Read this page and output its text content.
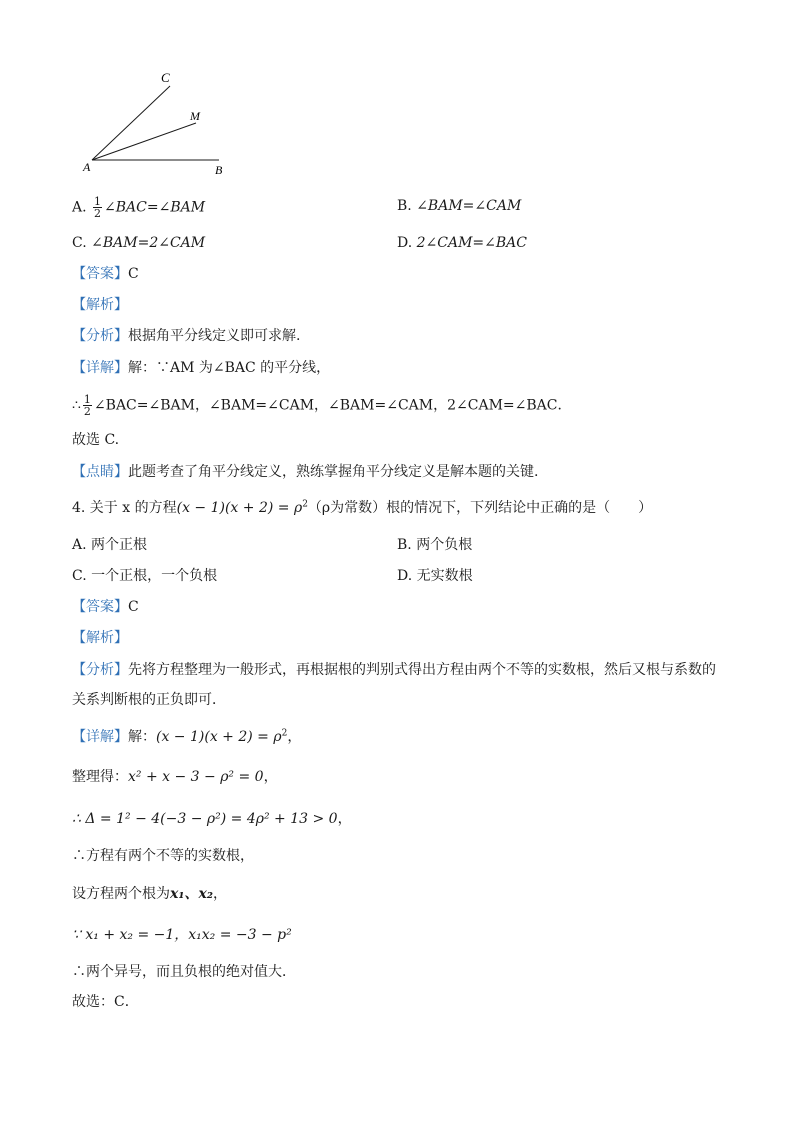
C
M
A	B
A. $\frac{1}{2}$ ∠BAC=∠BAM	B. ∠BAM=∠CAM
C. ∠BAM=2∠CAM	D. 2∠CAM=∠BAC
【答案】C
【解析】
【分析】根据角平分线定义即可求解.
【详解】解：∵AM 为∠BAC 的平分线，
∴ $\frac{1}{2}$ ∠BAC=∠BAM，∠BAM=∠CAM，∠BAM=∠CAM，2∠CAM=∠BAC．
故选 C.
【点睛】此题考查了角平分线定义，熟练掌握角平分线定义是解本题的关键.
4. 关于 x 的方程$(x - 1)(x + 2) = \rho^2(\rho$为常数）根的情况下，下列结论中正确的是（　　）
A. 两个正根	B. 两个负根
C. 一个正根，一个负根	D. 无实数根
【答案】C
【解析】
【分析】先将方程整理为一般形式，再根据根的判别式得出方程由两个不等的实数根，然后又根与系数的
关系判断根的正负即可．
【详解】解：$(x - 1)(x + 2) = \rho^2$，
整理得：x² + x − 3 − ρ² = 0，
∴ Δ = 1² − 4(−3 − ρ²) = 4ρ² + 13 > 0，
∴方程有两个不等的实数根，
设方程两个根为x₁、x₂，
∵ x₁ + x₂ = −1，x₁x₂ = −3 − p²
∴两个异号，而且负根的绝对值大．
故选：C．
